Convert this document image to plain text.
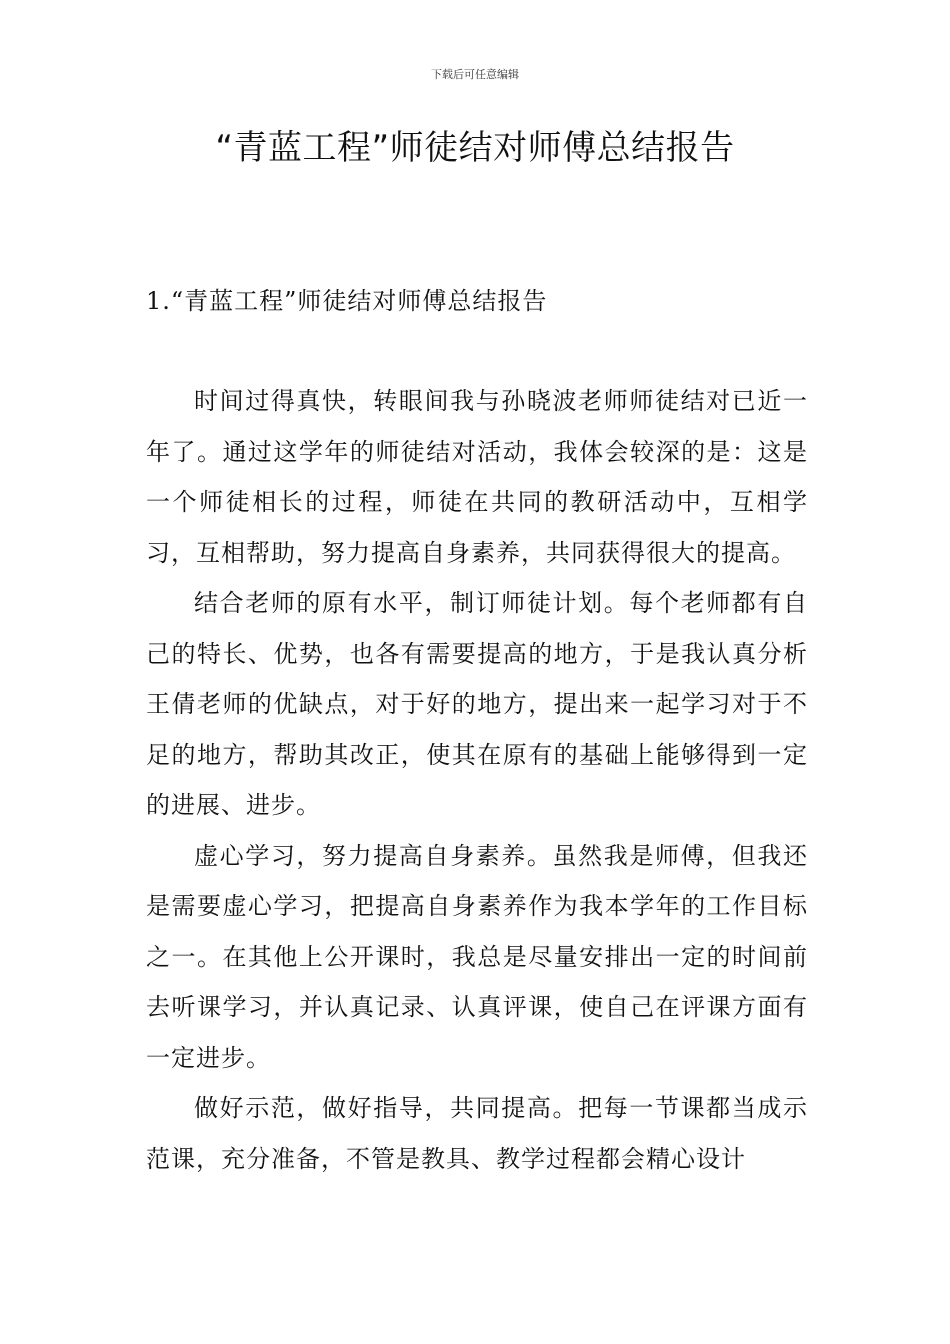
下载后可任意编辑
“青蓝工程”师徒结对师傅总结报告
1.“青蓝工程”师徒结对师傅总结报告

时间过得真快，转眼间我与孙晓波老师师徒结对已近一年了。通过这学年的师徒结对活动，我体会较深的是：这是一个师徒相长的过程，师徒在共同的教研活动中，互相学习，互相帮助，努力提高自身素养，共同获得很大的提高。

结合老师的原有水平，制订师徒计划。每个老师都有自己的特长、优势，也各有需要提高的地方，于是我认真分析王倩老师的优缺点，对于好的地方，提出来一起学习对于不足的地方，帮助其改正，使其在原有的基础上能够得到一定的进展、进步。

虚心学习，努力提高自身素养。虽然我是师傅，但我还是需要虚心学习，把提高自身素养作为我本学年的工作目标之一。在其他上公开课时，我总是尽量安排出一定的时间前去听课学习，并认真记录、认真评课，使自己在评课方面有一定进步。

做好示范，做好指导，共同提高。把每一节课都当成示范课，充分准备，不管是教具、教学过程都会精心设计
